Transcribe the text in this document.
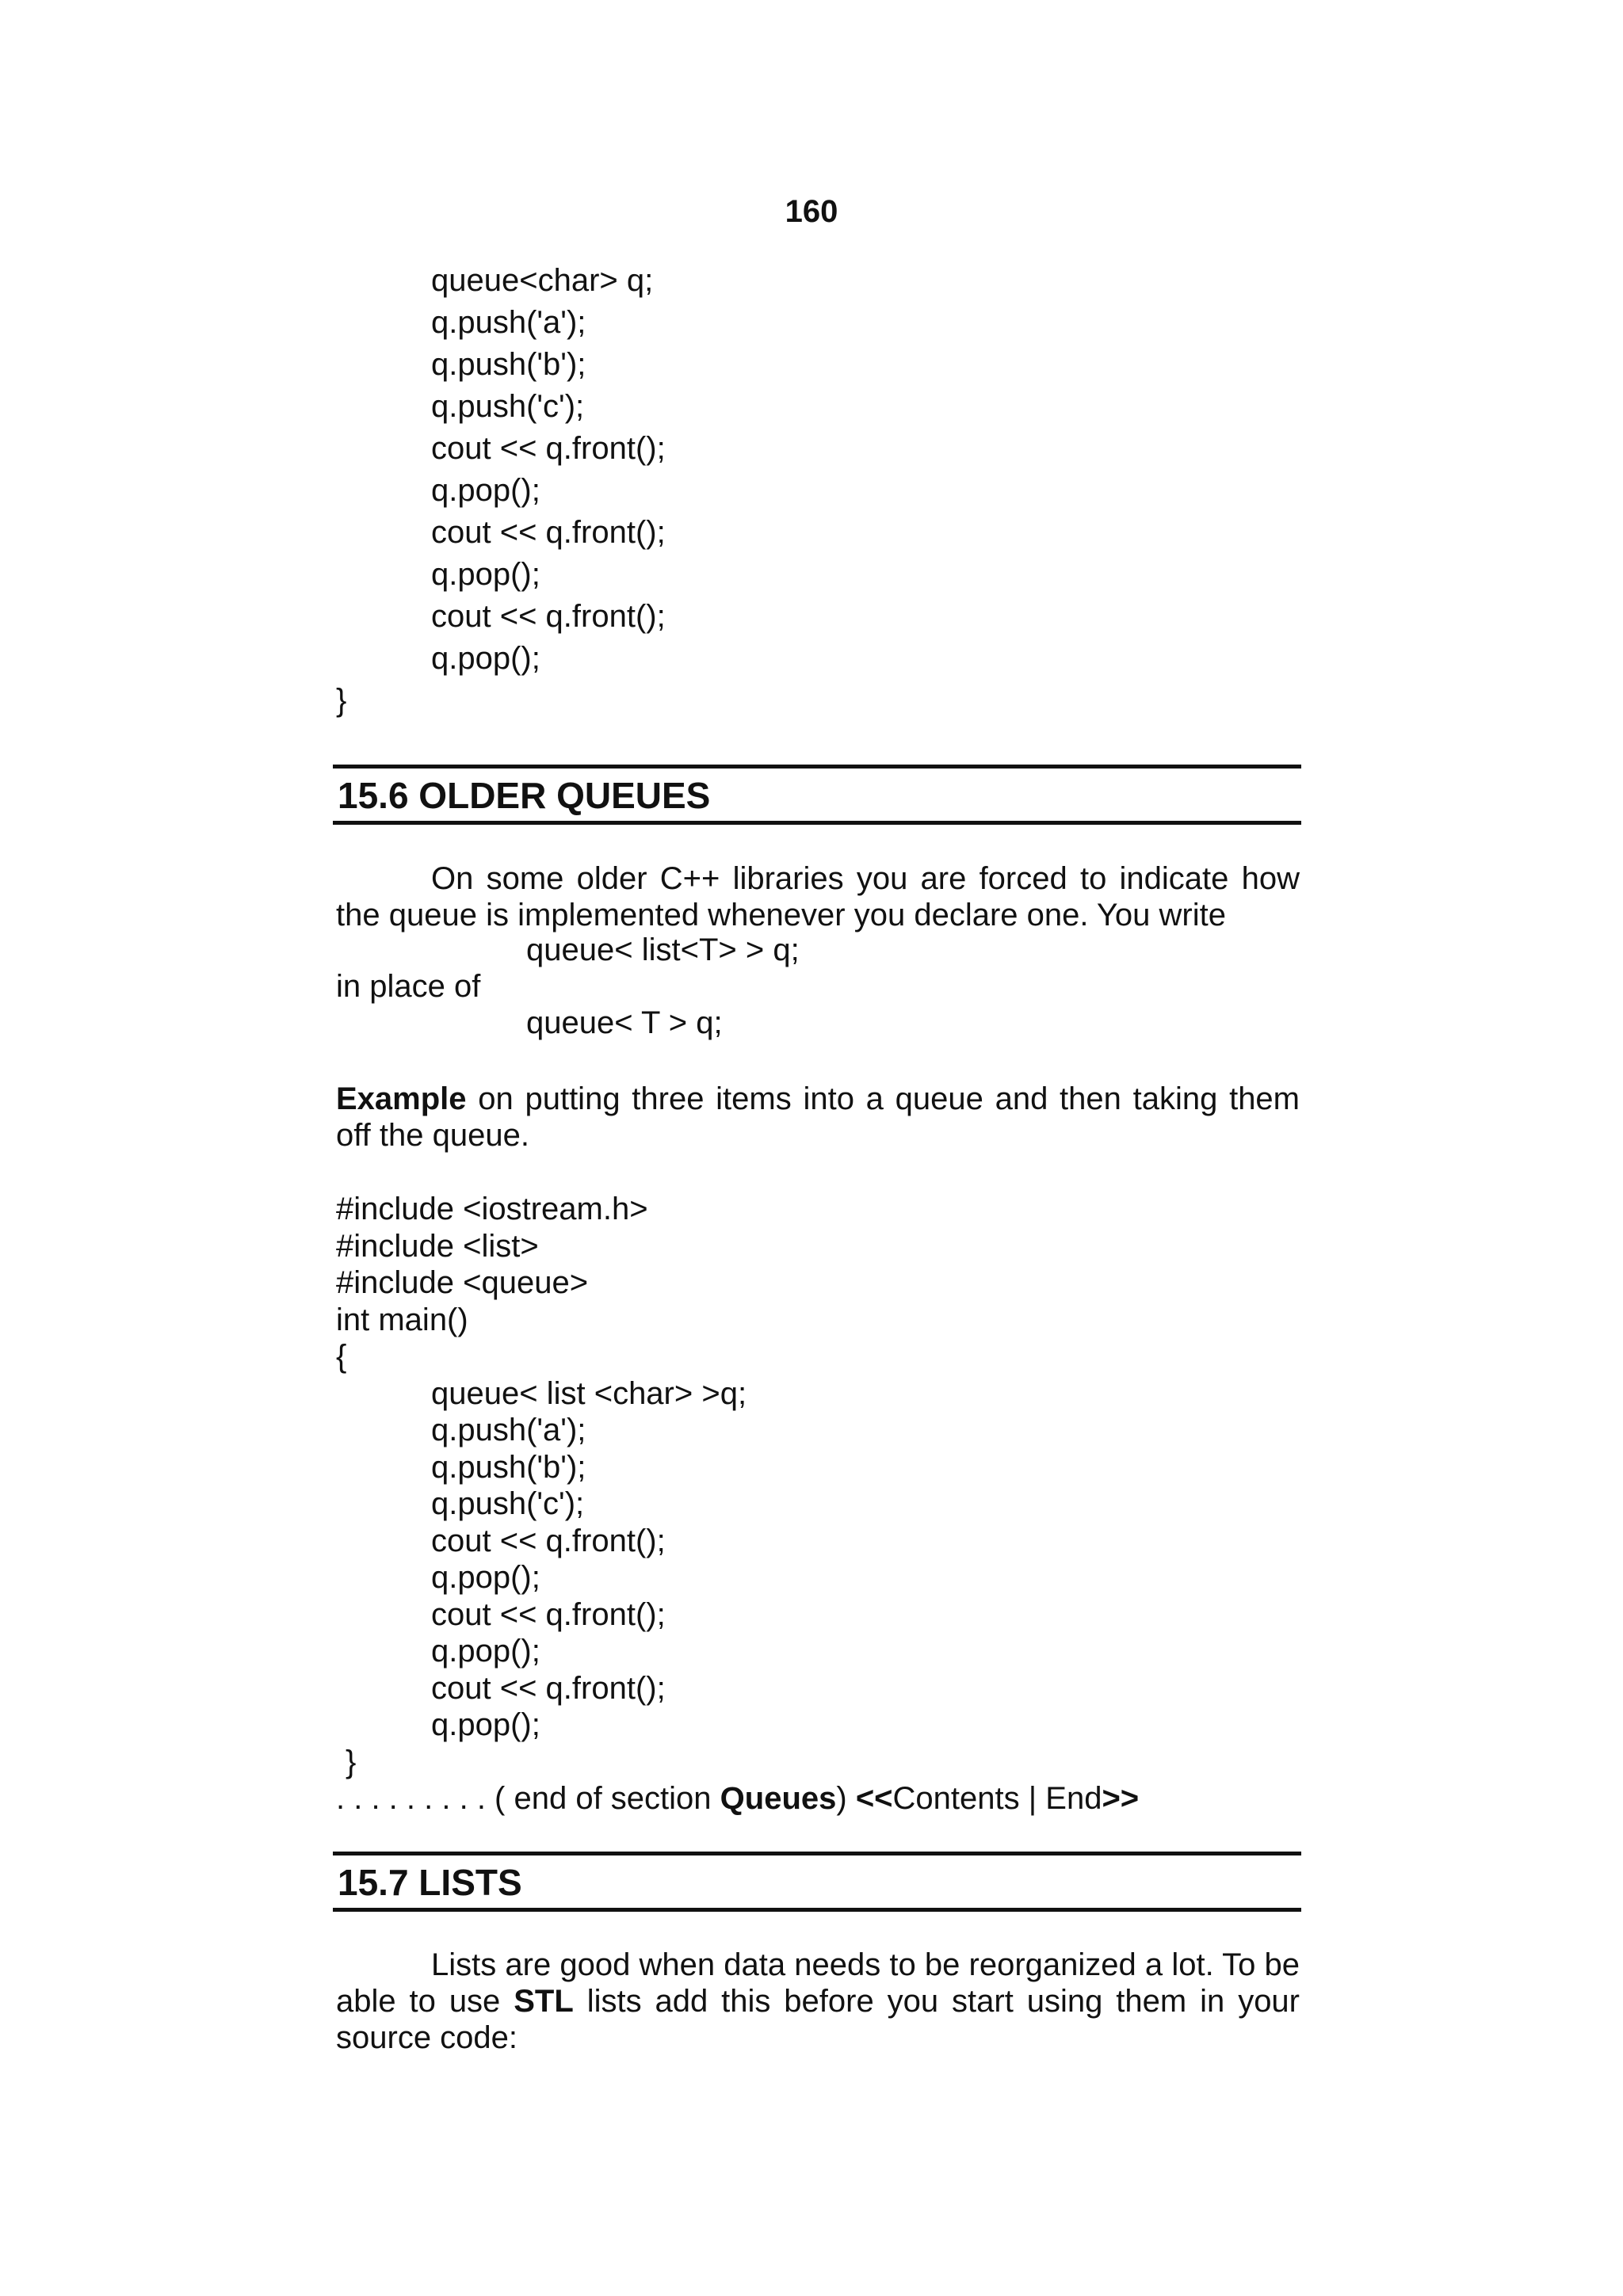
160
queue<char> q;
q.push('a');
q.push('b');
q.push('c');
cout << q.front();
q.pop();
cout << q.front();
q.pop();
cout << q.front();
q.pop();
}
15.6 OLDER QUEUES
On some older C++ libraries you are forced to indicate how the queue is implemented whenever you declare one. You write
queue< list<T> > q;
in place of
queue< T > q;
Example on putting three items into a queue and then taking them off the queue.
#include <iostream.h>
#include <list>
#include <queue>
int main()
{
queue< list <char> >q;
q.push('a');
q.push('b');
q.push('c');
cout << q.front();
q.pop();
cout << q.front();
q.pop();
cout << q.front();
q.pop();
}
. . . . . . . . . ( end of section Queues) <<Contents | End>>
15.7 LISTS
Lists are good when data needs to be reorganized a lot. To be able to use STL lists add this before you start using them in your source code:
